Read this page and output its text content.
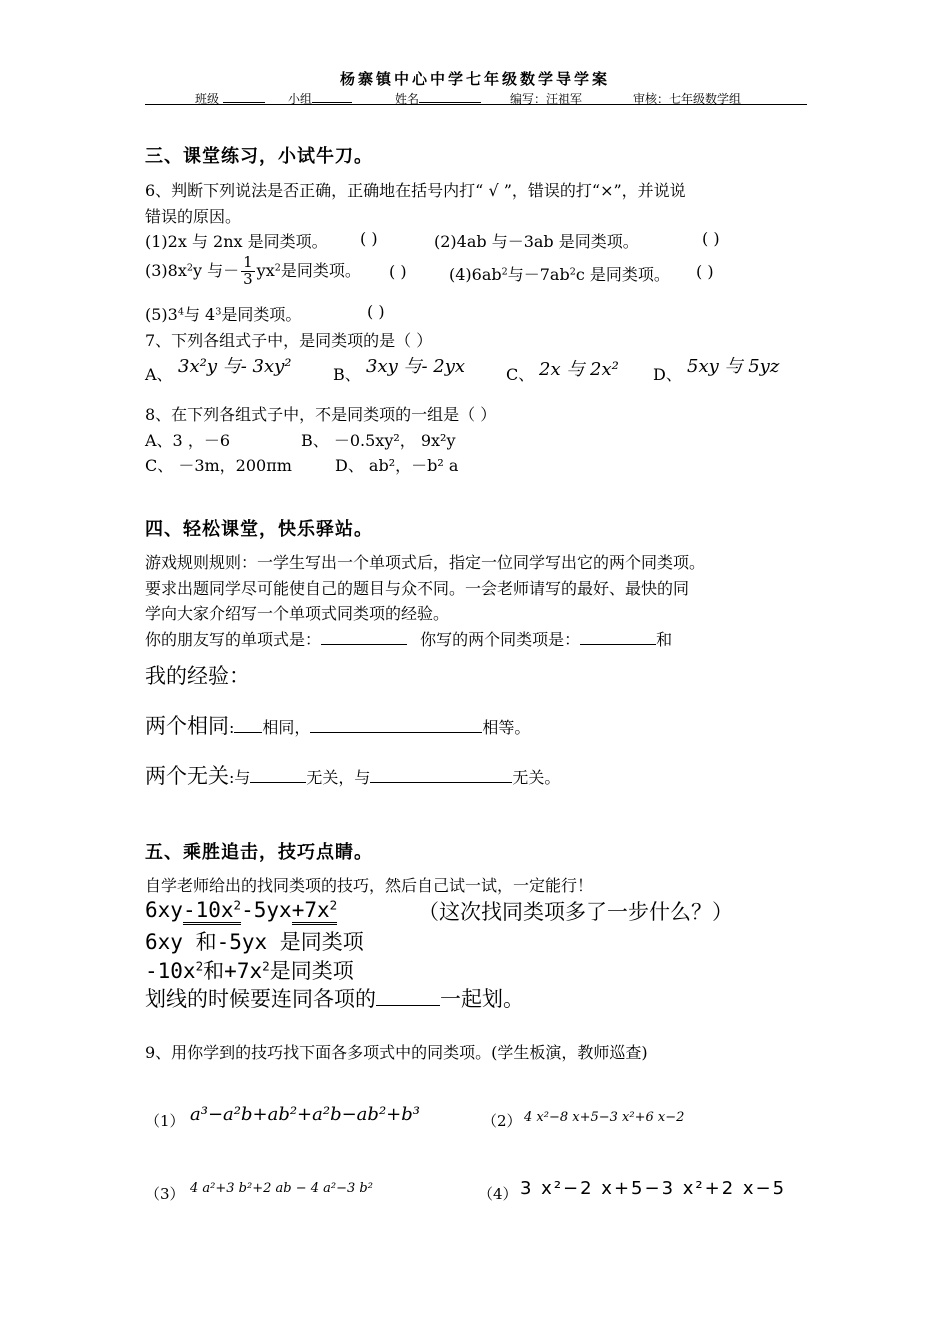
杨寨镇中心中学七年级数学导学案
班级	小组	姓名	编写：汪祖军	审核：七年级数学组
三、课堂练习，小试牛刀。
6、判断下列说法是否正确，正确地在括号内打“ √ ”，错误的打“×”，并说说
错误的原因。
(1)2x 与 2nx 是同类项。 ( )	(2)4ab 与－3ab 是同类项。	( )
$(3)8x^2y$ 与－ $\frac{1}{3} yx^2$是同类项。 ( )	$(4)6ab^2$与$-7ab^2c$ 是同类项。 ( )
$(5)3^4$与 $4^3$是同类项。	( )
7、下列各组式子中，是同类项的是（ ）
A、 3x²y 与- 3xy²	B、 3xy 与- 2yx	C、 2x 与 2x² D、 5xy 与 5yz
8、在下列各组式子中，不是同类项的一组是（ ）
A、3 ，－6	B、 －0.5xy²， 9x²y
C、 －3m，200πm	D、 ab²，－b² a
四、轻松课堂，快乐驿站。
游戏规则规则：一学生写出一个单项式后，指定一位同学写出它的两个同类项。
要求出题同学尽可能使自己的题目与众不同。一会老师请写的最好、最快的同
学向大家介绍写一个单项式同类项的经验。
你的朋友写的单项式是：	你写的两个同类项是：	和
我的经验：
两个相同: 相同，	相等。
两个无关:与	无关，与	无关。
五、乘胜追击，技巧点睛。
自学老师给出的找同类项的技巧，然后自己试一试，一定能行！
$6xy-10x^2-5yx+7x^2$	（这次找同类项多了一步什么？）
6xy 和-5yx 是同类项
$-10x^2$和$+7x^2$是同类项
划线的时候要连同各项的	一起划。
9、用你学到的技巧找下面各多项式中的同类项。(学生板演，教师巡查)
（1） a³−a²b+ab²+a²b−ab²+b³	（2） 4 x²−8 x+5−3 x²+6 x−2
（3） 4 a²+3 b²+2 ab − 4 a²−3 b²	（4） 3 x²−2 x+5−3 x²+2 x−5
